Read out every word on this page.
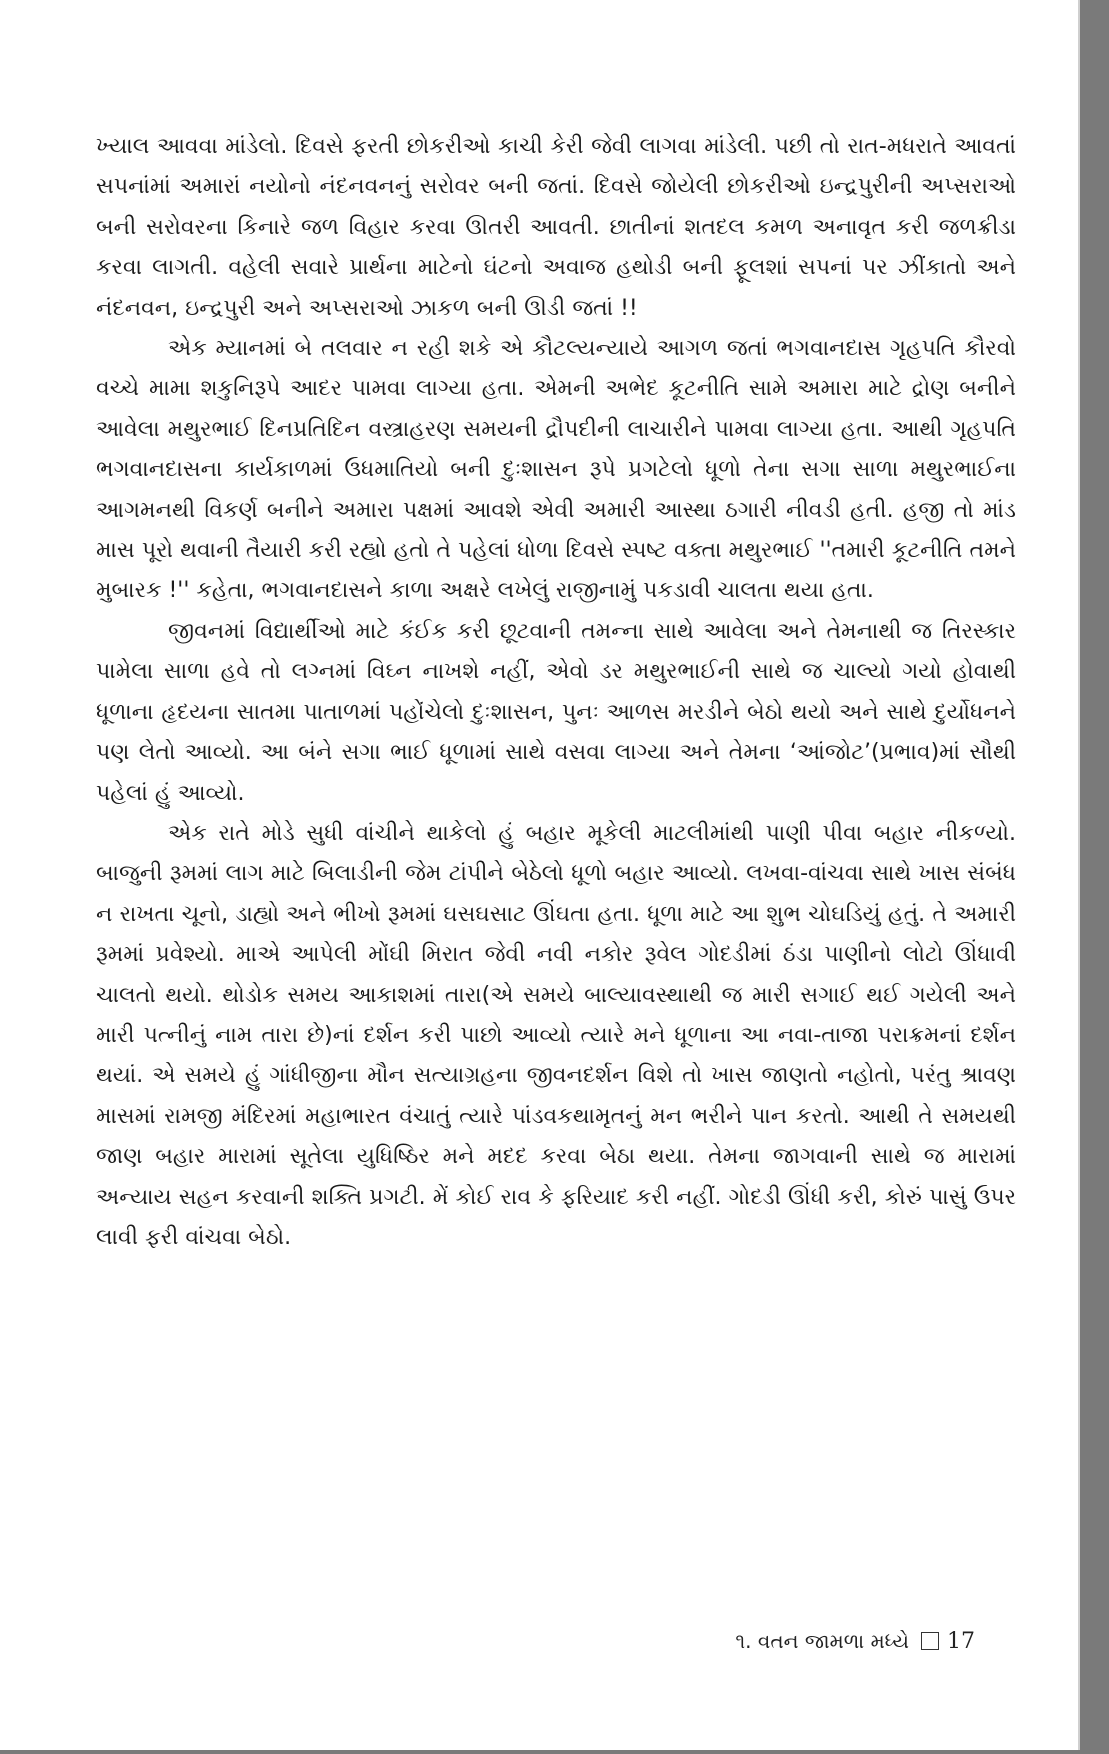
ખ્યાલ આવવા માંડેલો. દિવસે ફરતી છોકરીઓ કાચી કેરી જેવી લાગવા માંડેલી. પછી તો રાત-મધરાતે આવતાં સપનાંમાં અમારાં નયોનો નંદનવનનું સરોવર બની જતાં. દિવસે જોયેલી છોકરીઓ ઇન્દ્રપુરીની અપ્સરાઓ બની સરોવરના કિનારે જળ વિહાર કરવા ઊતરી આવતી. છાતીનાં શતદલ કમળ અનાવૃત કરી જળક્રીડા કરવા લાગતી. વહેલી સવારે પ્રાર્થના માટેનો ઘંટનો અવાજ હથોડી બની ફૂલશાં સપનાં પર ઝીંકાતો અને નંદનવન, ઇન્દ્રપુરી અને અપ્સરાઓ ઝાકળ બની ઊડી જતાં !!

એક મ્યાનમાં બે તલવાર ન રહી શકે એ કૌટલ્યન્યાયે આગળ જતાં ભગવાનદાસ ગૃહપતિ કૌરવો વચ્ચે મામા શકુનિરૂપે આદર પામવા લાગ્યા હતા. એમની અભેદ કૂટનીતિ સામે અમારા માટે દ્રોણ બનીને આવેલા મથુરભાઈ દિનપ્રતિદિન વસ્ત્રાહરણ સમયની દ્રૌપદીની લાચારીને પામવા લાગ્યા હતા. આથી ગૃહપતિ ભગવાનદાસના કાર્યકાળમાં ઉધમાતિયો બની દુઃશાસન રૂપે પ્રગટેલો ધૂળો તેના સગા સાળા મથુરભાઈના આગમનથી વિકર્ણ બનીને અમારા પક્ષમાં આવશે એવી અમારી આસ્થા ઠગારી નીવડી હતી. હજી તો માંડ માસ પૂરો થવાની તૈયારી કરી રહ્યો હતો તે પહેલાં ધોળા દિવસે સ્પષ્ટ વક્તા મથુરભાઈ ''તમારી કૂટનીતિ તમને મુબારક !'' કહેતા, ભગવાનદાસને કાળા અક્ષરે લખેલું રાજીનામું પકડાવી ચાલતા થયા હતા.

જીવનમાં વિદ્યાર્થીઓ માટે કંઈક કરી છૂટવાની તમન્ના સાથે આવેલા અને તેમનાથી જ તિરસ્કાર પામેલા સાળા હવે તો લગ્નમાં વિઘ્ન નાખશે નહીં, એવો ડર મથુરભાઈની સાથે જ ચાલ્યો ગયો હોવાથી ધૂળાના હૃદયના સાતમા પાતાળમાં પહોંચેલો દુઃશાસન, પુનઃ આળસ મરડીને બેઠો થયો અને સાથે દુર્યોધનને પણ લેતો આવ્યો. આ બંને સગા ભાઈ ધૂળામાં સાથે વસવા લાગ્યા અને તેમના ‘આંજોટ’(પ્રભાવ)માં સૌથી પહેલાં હું આવ્યો.

એક રાતે મોડે સુધી વાંચીને થાકેલો હું બહાર મૂકેલી માટલીમાંથી પાણી પીવા બહાર નીકળ્યો. બાજુની રૂમમાં લાગ માટે બિલાડીની જેમ ટાંપીને બેઠેલો ધૂળો બહાર આવ્યો. લખવા-વાંચવા સાથે ખાસ સંબંધ ન રાખતા ચૂનો, ડાહ્યો અને ભીખો રૂમમાં ઘસઘસાટ ઊંઘતા હતા. ધૂળા માટે આ શુભ ચોઘડિયું હતું. તે અમારી રૂમમાં પ્રવેશ્યો. માએ આપેલી મોંઘી મિરાત જેવી નવી નકોર રૂવેલ ગોદડીમાં ઠંડા પાણીનો લોટો ઊંધાવી ચાલતો થયો. થોડોક સમય આકાશમાં તારા(એ સમયે બાલ્યાવસ્થાથી જ મારી સગાઈ થઈ ગયેલી અને મારી પત્નીનું નામ તારા છે)નાં દર્શન કરી પાછો આવ્યો ત્યારે મને ધૂળાના આ નવા-તાજા પરાક્રમનાં દર્શન થયાં. એ સમયે હું ગાંધીજીના મૌન સત્યાગ્રહના જીવનદર્શન વિશે તો ખાસ જાણતો નહોતો, પરંતુ શ્રાવણ માસમાં રામજી મંદિરમાં મહાભારત વંચાતું ત્યારે પાંડવકથામૃતનું મન ભરીને પાન કરતો. આથી તે સમયથી જાણ બહાર મારામાં સૂતેલા યુધિષ્ઠિર મને મદદ કરવા બેઠા થયા. તેમના જાગવાની સાથે જ મારામાં અન્યાય સહન કરવાની શક્તિ પ્રગટી. મેં કોઈ રાવ કે ફરિયાદ કરી નહીં. ગોદડી ઊંધી કરી, કોરું પાસું ઉપર લાવી ફરી વાંચવા બેઠો.

૧. વતન જામળા મધ્યે 17
